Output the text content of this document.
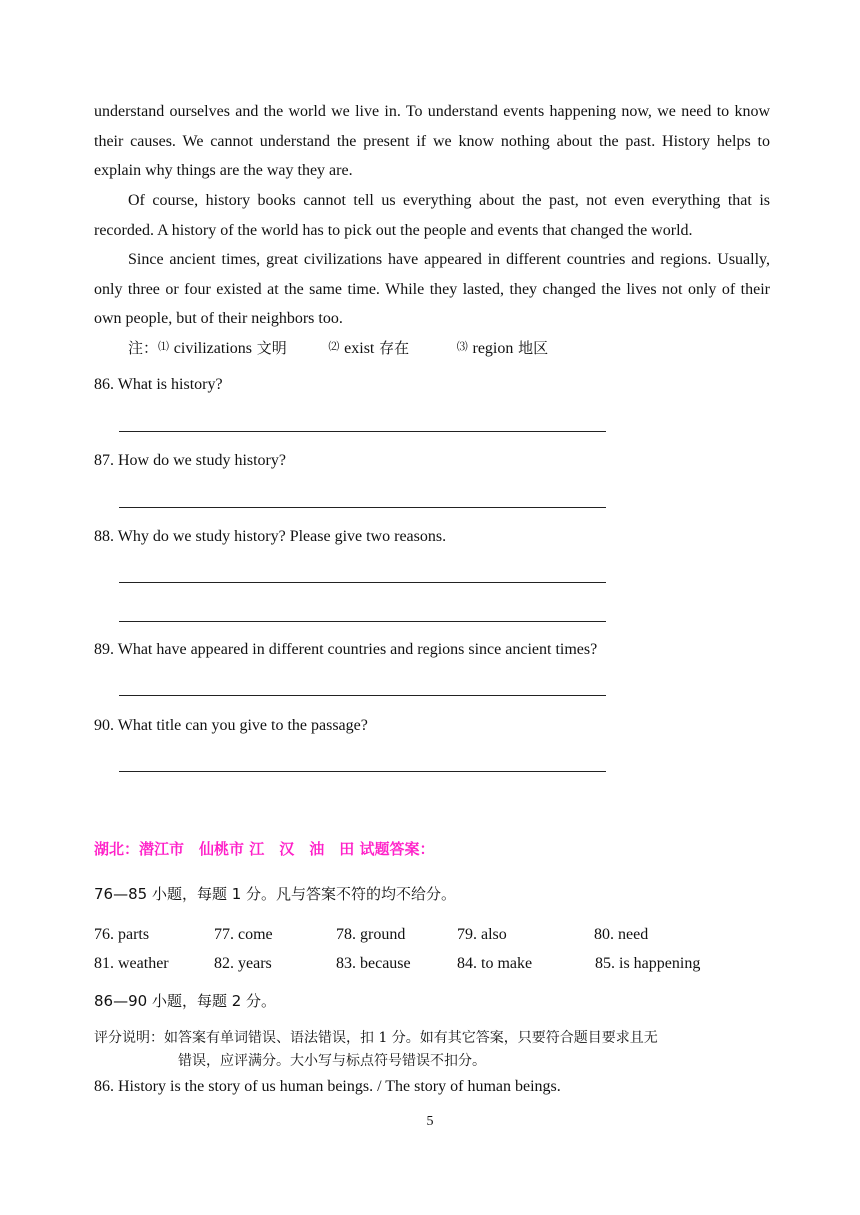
understand ourselves and the world we live in. To understand events happening now, we need to know their causes. We cannot understand the present if we know nothing about the past. History helps to explain why things are the way they are.

Of course, history books cannot tell us everything about the past, not even everything that is recorded. A history of the world has to pick out the people and events that changed the world.

Since ancient times, great civilizations have appeared in different countries and regions. Usually, only three or four existed at the same time. While they lasted, they changed the lives not only of their own people, but of their neighbors too.

注：⑴ civilizations 文明	⑵ exist 存在	⑶ region 地区
86. What is history?
87. How do we study history?
88. Why do we study history? Please give two reasons.
89. What have appeared in different countries and regions since ancient times?
90. What title can you give to the passage?
湖北：潜江市　仙桃市 江　汉　油　田 试题答案：
76—85 小题，每题 1 分。凡与答案不符的均不给分。
76. parts	77. come	78. ground	79. also	80. need
81. weather	82. years	83. because	84. to make	85. is happening
86—90 小题，每题 2 分。
评分说明：如答案有单词错误、语法错误，扣 1 分。如有其它答案，只要符合题目要求且无
错误，应评满分。大小写与标点符号错误不扣分。
86. History is the story of us human beings. / The story of human beings.
5
